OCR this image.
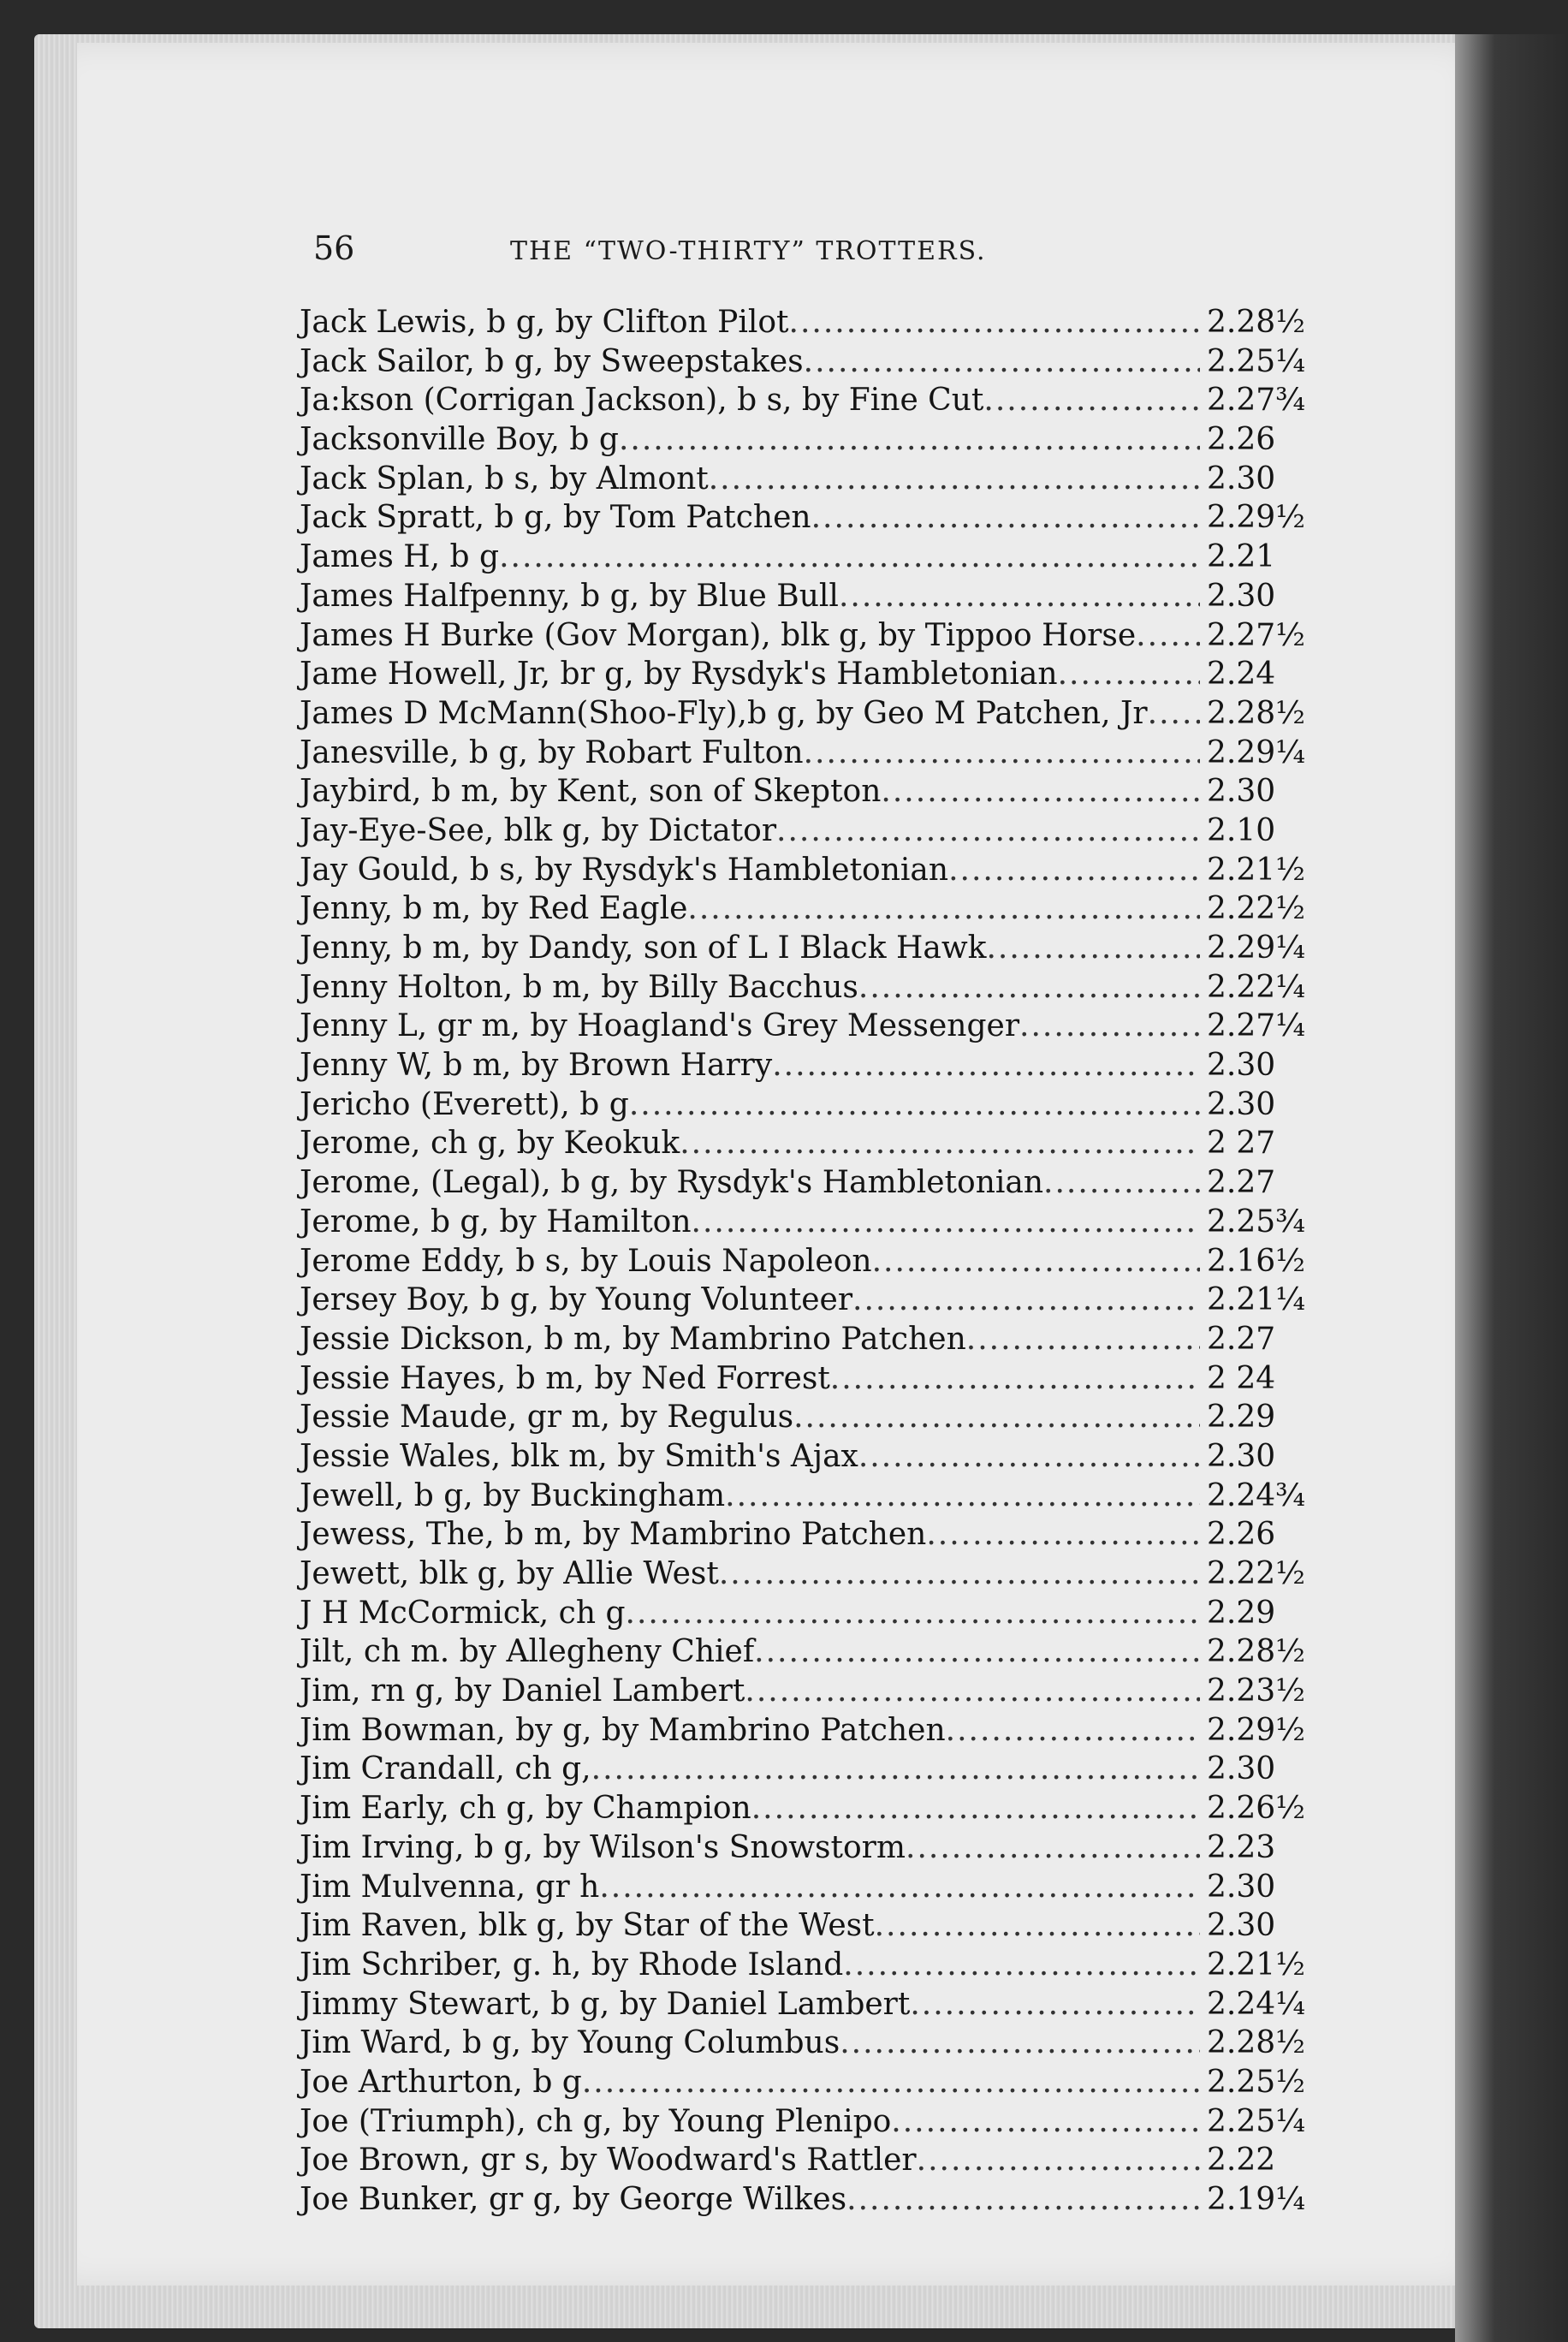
56	THE “TWO-THIRTY” TROTTERS.
Jack Lewis, b g, by Clifton Pilot .....	2.28½
Jack Sailor, b g, by Sweepstakes .....	2.25¼
Ja:kson (Corrigan Jackson), b s, by Fine Cut .....	2.27¾
Jacksonville Boy, b g .....	2.26
Jack Splan, b s, by Almont .....	2.30
Jack Spratt, b g, by Tom Patchen .....	2.29½
James H, b g .....	2.21
James Halfpenny, b g, by Blue Bull .....	2.30
James H Burke (Gov Morgan), blk g, by Tippoo Horse ..... 2.27½
Jame Howell, Jr, br g, by Rysdyk's Hambletonian .....	2.24
James D McMann(Shoo-Fly),b g, by Geo M Patchen, Jr ..... 2.28½
Janesville, b g, by Robart Fulton .....	2.29¼
Jaybird, b m, by Kent, son of Skepton .....	2.30
Jay-Eye-See, blk g, by Dictator .....	2.10
Jay Gould, b s, by Rysdyk's Hambletonian .....	2.21½
Jenny, b m, by Red Eagle .....	2.22½
Jenny, b m, by Dandy, son of L I Black Hawk .....	2.29¼
Jenny Holton, b m, by Billy Bacchus .....	2.22¼
Jenny L, gr m, by Hoagland's Grey Messenger .....	2.27¼
Jenny W, b m, by Brown Harry .....	2.30
Jericho (Everett), b g .....	2.30
Jerome, ch g, by Keokuk .....	2 27
Jerome, (Legal), b g, by Rysdyk's Hambletonian .....	2.27
Jerome, b g, by Hamilton .....	2.25¾
Jerome Eddy, b s, by Louis Napoleon .....	2.16½
Jersey Boy, b g, by Young Volunteer .....	2.21¼
Jessie Dickson, b m, by Mambrino Patchen .....	2.27
Jessie Hayes, b m, by Ned Forrest .....	2 24
Jessie Maude, gr m, by Regulus .....	2.29
Jessie Wales, blk m, by Smith's Ajax .....	2.30
Jewell, b g, by Buckingham .....	2.24¾
Jewess, The, b m, by Mambrino Patchen .....	2.26
Jewett, blk g, by Allie West .....	2.22½
J H McCormick, ch g .....	2.29
Jilt, ch m. by Allegheny Chief .....	2.28½
Jim, rn g, by Daniel Lambert .....	2.23½
Jim Bowman, by g, by Mambrino Patchen .....	2.29½
Jim Crandall, ch g, .....	2.30
Jim Early, ch g, by Champion .....	2.26½
Jim Irving, b g, by Wilson's Snowstorm .....	2.23
Jim Mulvenna, gr h .....	2.30
Jim Raven, blk g, by Star of the West .....	2.30
Jim Schriber, g. h, by Rhode Island .....	2.21½
Jimmy Stewart, b g, by Daniel Lambert .....	2.24¼
Jim Ward, b g, by Young Columbus .....	2.28½
Joe Arthurton, b g .....	2.25½
Joe (Triumph), ch g, by Young Plenipo .....	2.25¼
Joe Brown, gr s, by Woodward's Rattler .....	2.22
Joe Bunker, gr g, by George Wilkes .....	2.19¼
